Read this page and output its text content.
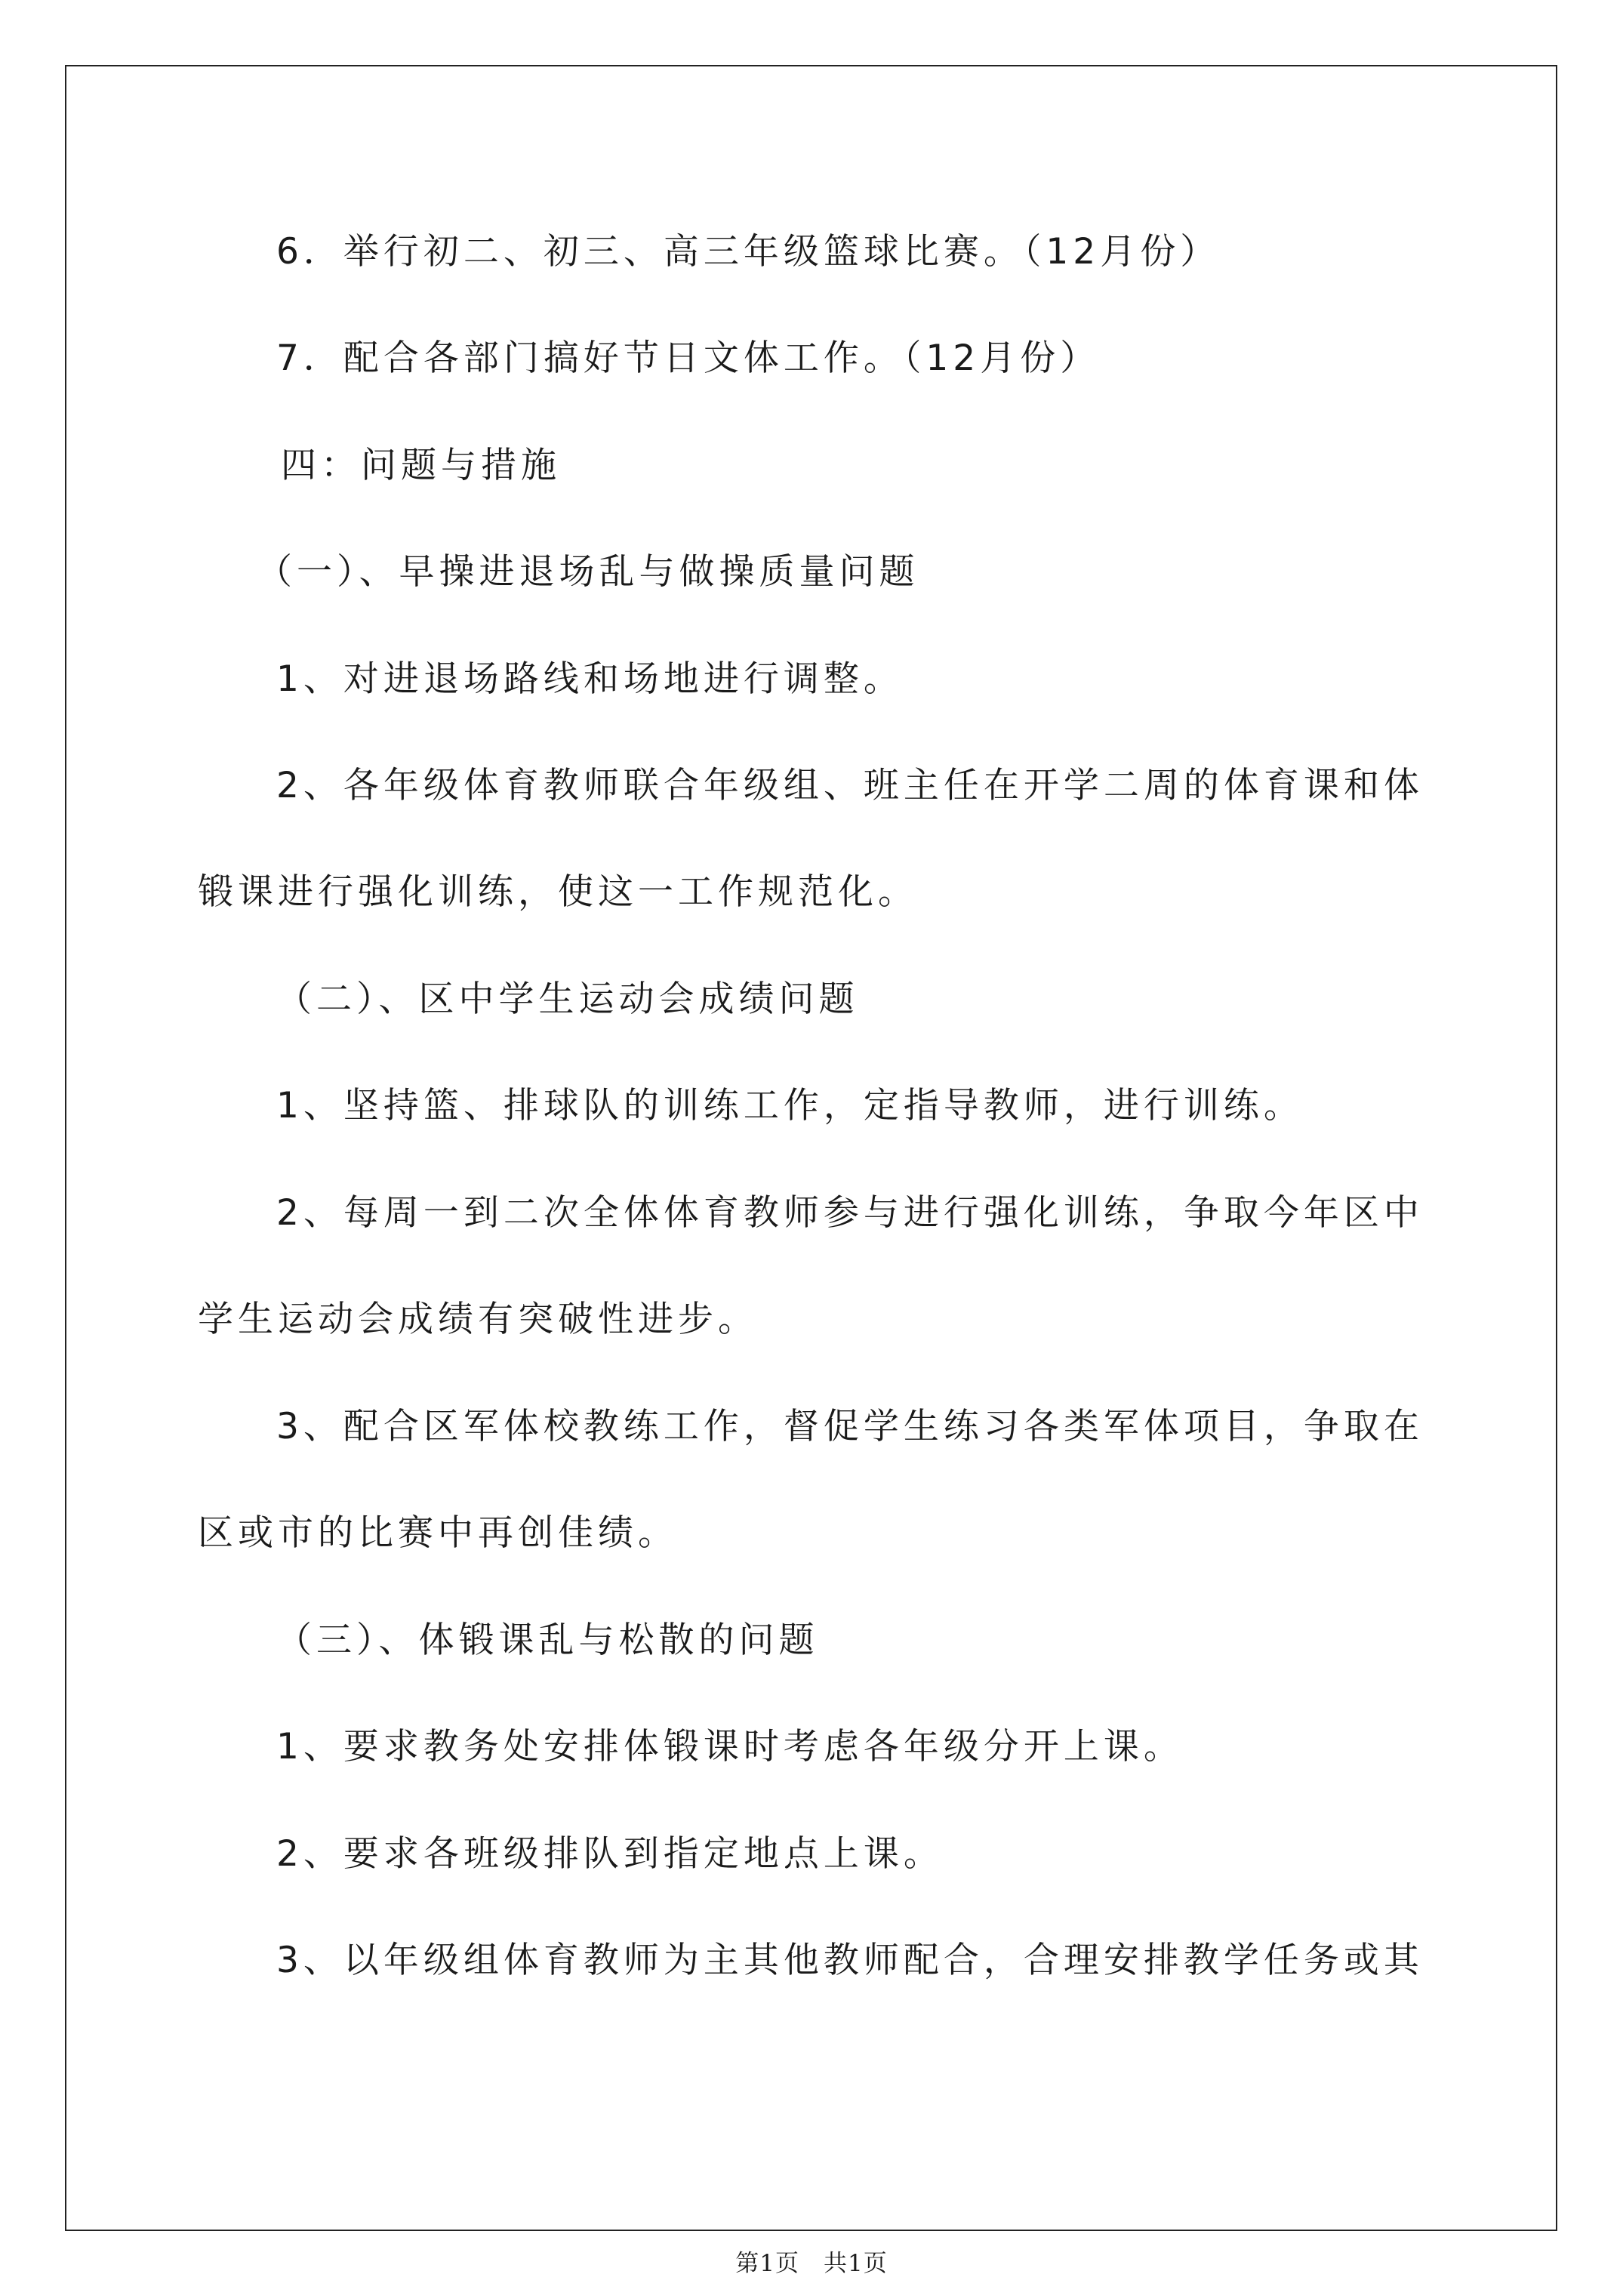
6．举行初二、初三、高三年级篮球比赛。（12月份）
7．配合各部门搞好节日文体工作。（12月份）
四：问题与措施
（一）、早操进退场乱与做操质量问题
1、对进退场路线和场地进行调整。
2、各年级体育教师联合年级组、班主任在开学二周的体育课和体
锻课进行强化训练，使这一工作规范化。
（二）、区中学生运动会成绩问题
1、坚持篮、排球队的训练工作，定指导教师，进行训练。
2、每周一到二次全体体育教师参与进行强化训练，争取今年区中
学生运动会成绩有突破性进步。
3、配合区军体校教练工作，督促学生练习各类军体项目，争取在
区或市的比赛中再创佳绩。
（三）、体锻课乱与松散的问题
1、要求教务处安排体锻课时考虑各年级分开上课。
2、要求各班级排队到指定地点上课。
3、以年级组体育教师为主其他教师配合，合理安排教学任务或其
第1页　共1页
